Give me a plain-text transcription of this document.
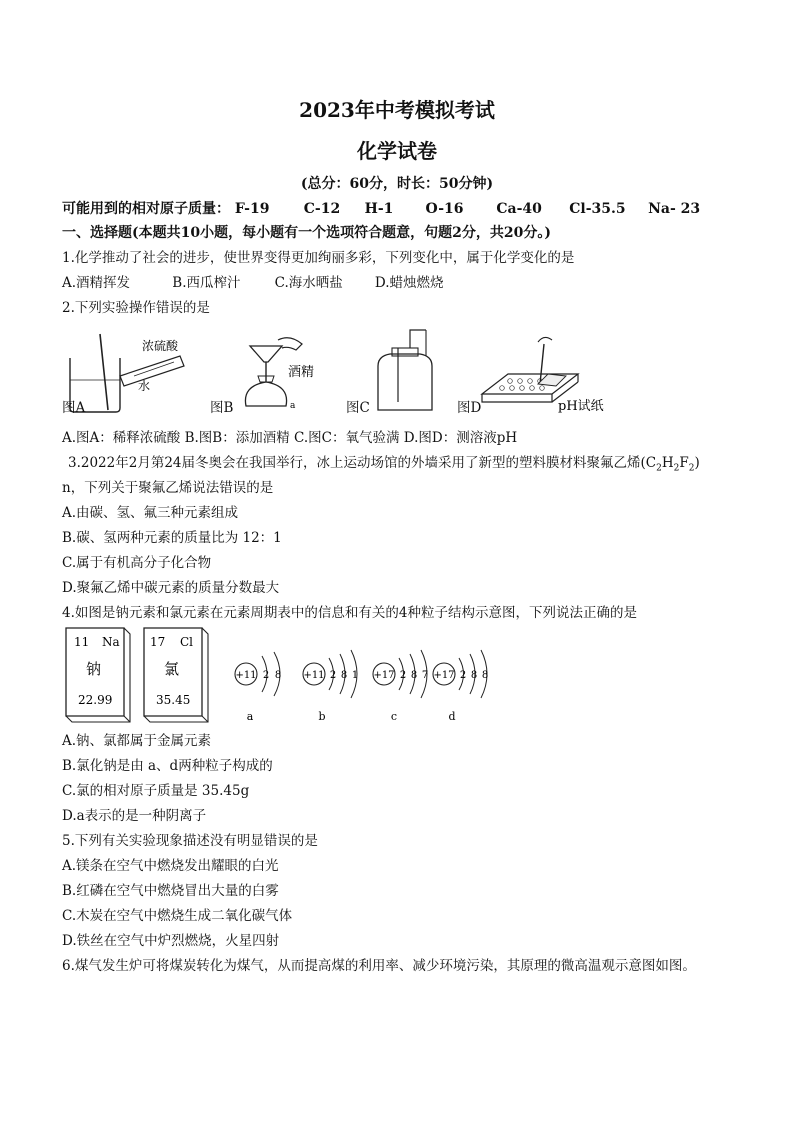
2023年中考模拟考试
化学试卷
(总分：60分，时长：50分钟)
可能用到的相对原子质量： F-19 C-12 H-1 O-16 Ca-40 Cl-35.5 Na- 23
一、选择题(本题共10小题，每小题有一个选项符合题意，句题2分，共20分。)
1.化学推动了社会的进步，使世界变得更加绚丽多彩，下列变化中，属于化学变化的是
A.酒精挥发	B.西瓜榨汁	C.海水晒盐 D.蜡烛燃烧
2.下列实验操作错误的是
浓硫酸
水
图A
酒精
a
图B	图C	pH试纸
图D
A.图A：稀释浓硫酸 B.图B：添加酒精 C.图C：氧气验满 D.图D：测溶液pH
3.2022年2月第24届冬奥会在我国举行，冰上运动场馆的外墙采用了新型的塑料膜材料聚氟乙烯$(C_2H_2F_2)$
n，下列关于聚氟乙烯说法错误的是
A.由碳、氢、氟三种元素组成
B.碳、氢两种元素的质量比为 12：1
C.属于有机高分子化合物
D.聚氟乙烯中碳元素的质量分数最大
4.如图是钠元素和氯元素在元素周期表中的信息和有关的4种粒子结构示意图，下列说法正确的是
11 Na
钠
22.99
17 Cl
氯
35.45
+11 2 8
a
+11 2 8 1
b
+17 2 8 7
c
+17 2 8 8
d
A.钠、氯都属于金属元素
B.氯化钠是由 a、d两种粒子构成的
C.氯的相对原子质量是 35.45g
D.a表示的是一种阴离子
5.下列有关实验现象描述没有明显错误的是
A.镁条在空气中燃烧发出耀眼的白光
B.红磷在空气中燃烧冒出大量的白雾
C.木炭在空气中燃烧生成二氧化碳气体
D.铁丝在空气中炉烈燃烧，火星四射
6.煤气发生炉可将煤炭转化为煤气，从而提高煤的利用率、减少环境污染，其原理的微高温观示意图如图。
